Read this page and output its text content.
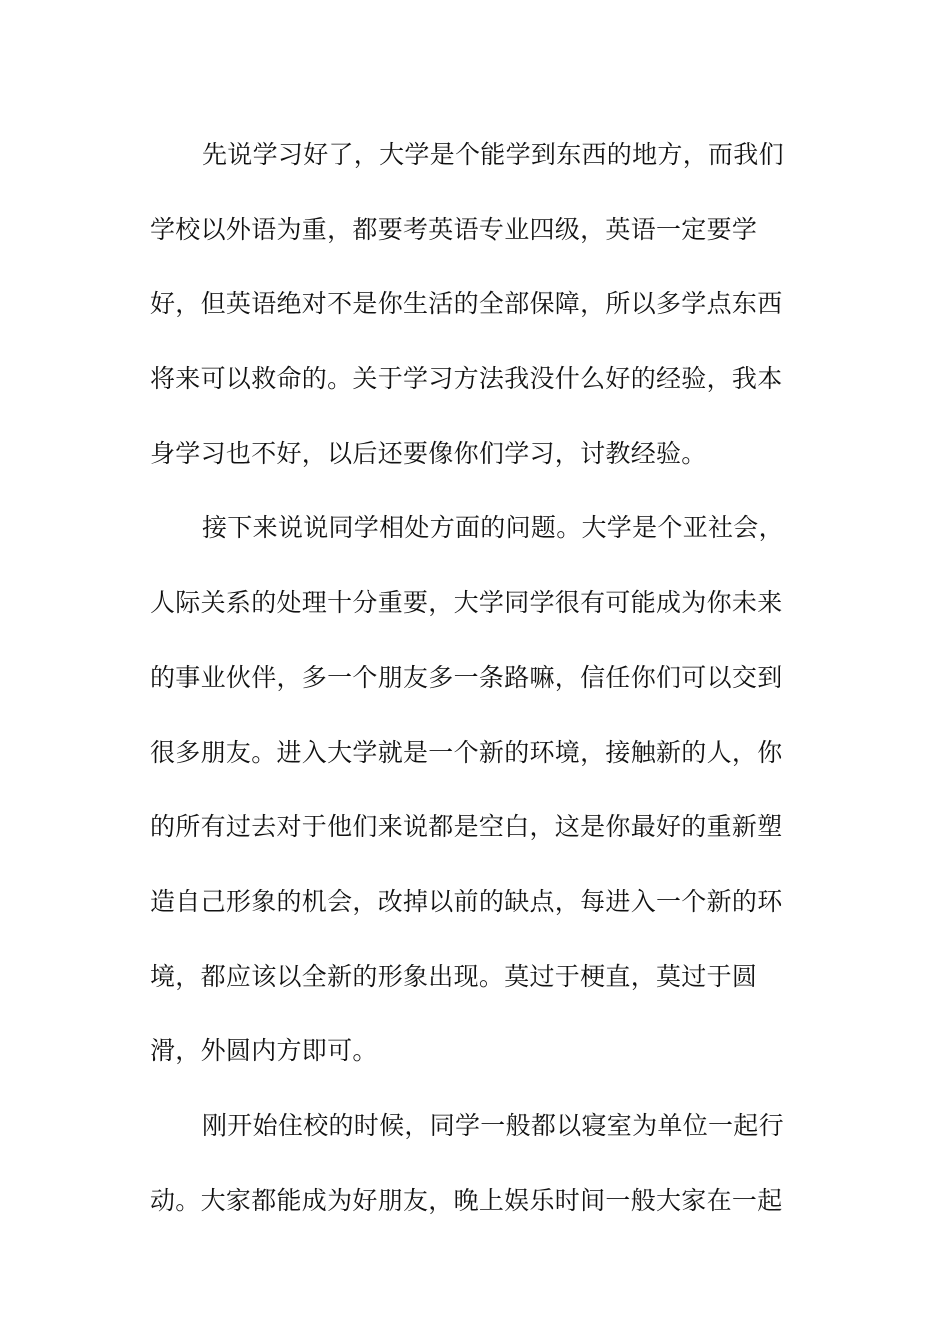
先说学习好了，大学是个能学到东西的地方，而我们
学校以外语为重，都要考英语专业四级，英语一定要学
好，但英语绝对不是你生活的全部保障，所以多学点东西
将来可以救命的。关于学习方法我没什么好的经验，我本
身学习也不好，以后还要像你们学习，讨教经验。
接下来说说同学相处方面的问题。大学是个亚社会，
人际关系的处理十分重要，大学同学很有可能成为你未来
的事业伙伴，多一个朋友多一条路嘛，信任你们可以交到
很多朋友。进入大学就是一个新的环境，接触新的人，你
的所有过去对于他们来说都是空白，这是你最好的重新塑
造自己形象的机会，改掉以前的缺点，每进入一个新的环
境，都应该以全新的形象出现。莫过于梗直，莫过于圆
滑，外圆内方即可。
刚开始住校的时候，同学一般都以寝室为单位一起行
动。大家都能成为好朋友，晚上娱乐时间一般大家在一起
